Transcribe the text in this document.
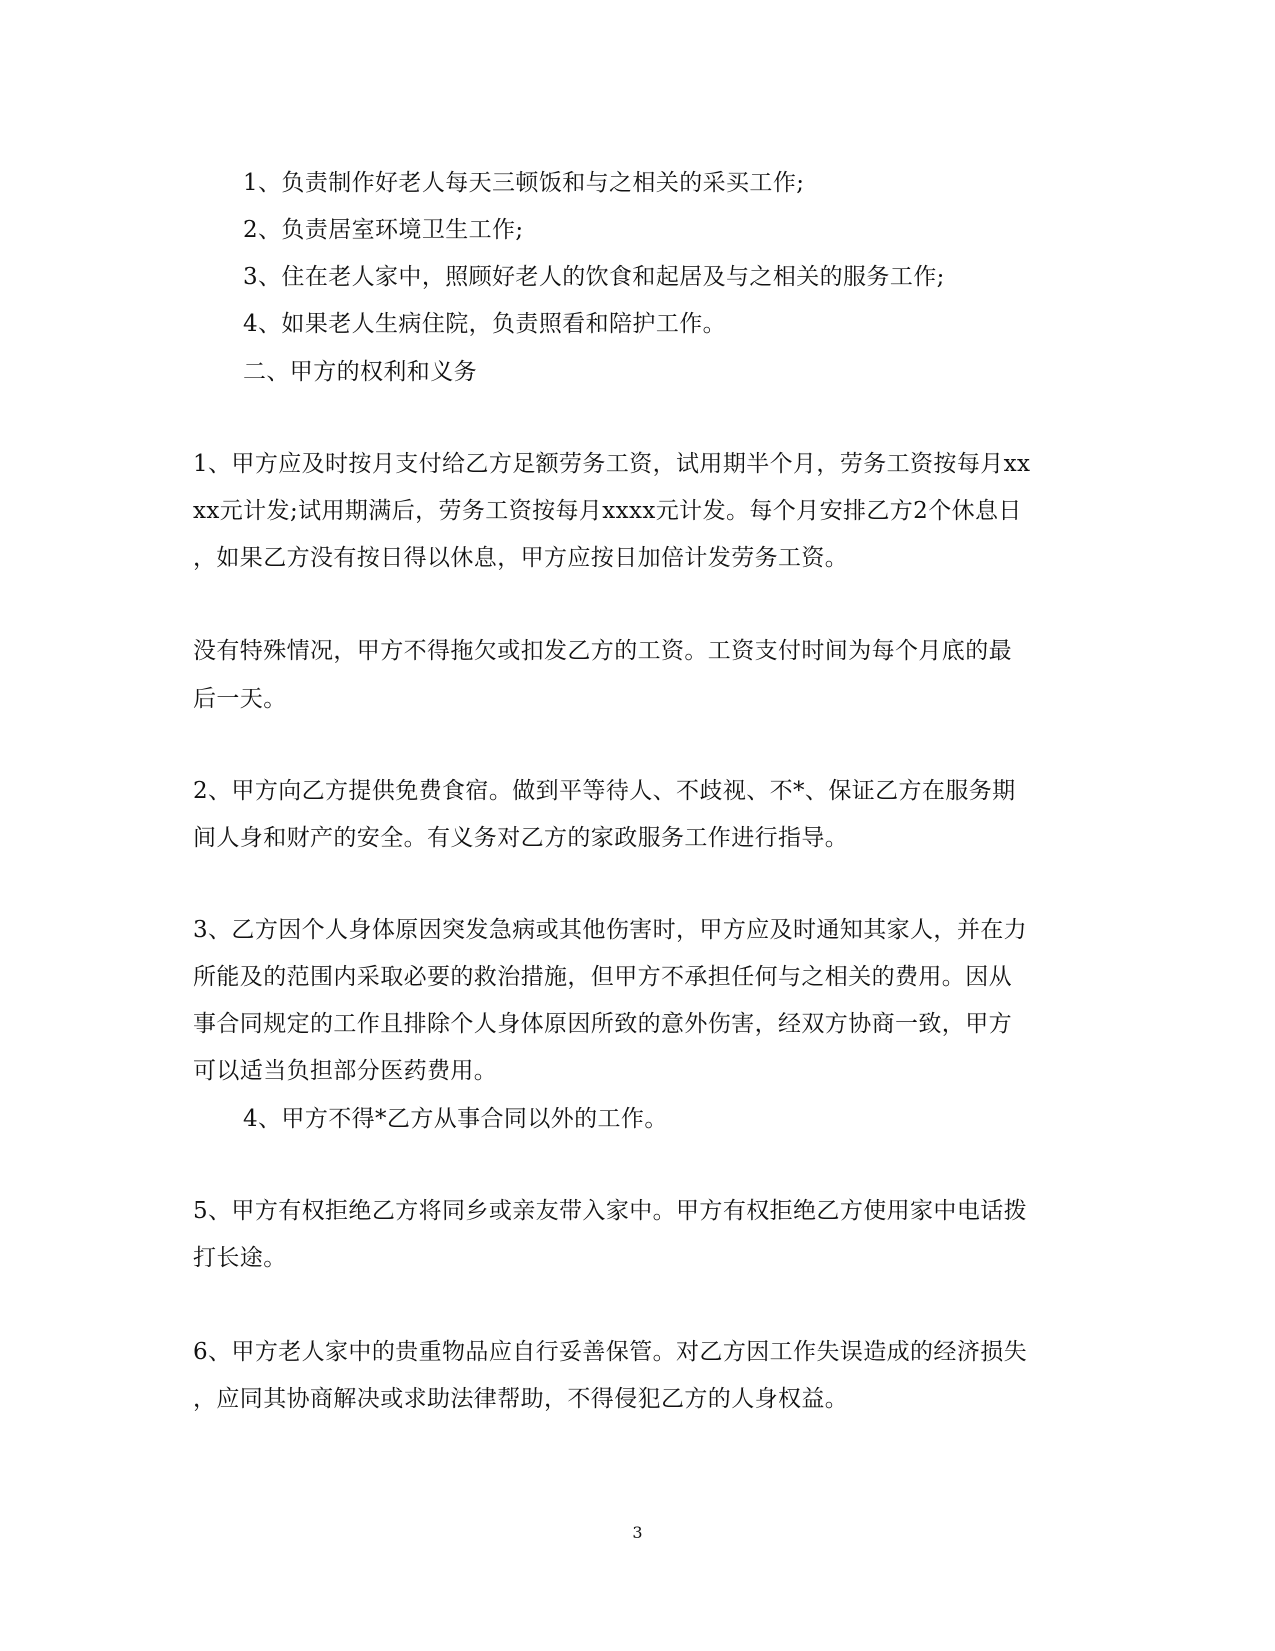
1、负责制作好老人每天三顿饭和与之相关的采买工作;
2、负责居室环境卫生工作;
3、住在老人家中，照顾好老人的饮食和起居及与之相关的服务工作;
4、如果老人生病住院，负责照看和陪护工作。
二、甲方的权利和义务
1、甲方应及时按月支付给乙方足额劳务工资，试用期半个月，劳务工资按每月xx
xx元计发;试用期满后，劳务工资按每月xxxx元计发。每个月安排乙方2个休息日
，如果乙方没有按日得以休息，甲方应按日加倍计发劳务工资。
没有特殊情况，甲方不得拖欠或扣发乙方的工资。工资支付时间为每个月底的最
后一天。
2、甲方向乙方提供免费食宿。做到平等待人、不歧视、不*、保证乙方在服务期
间人身和财产的安全。有义务对乙方的家政服务工作进行指导。
3、乙方因个人身体原因突发急病或其他伤害时，甲方应及时通知其家人，并在力
所能及的范围内采取必要的救治措施，但甲方不承担任何与之相关的费用。因从
事合同规定的工作且排除个人身体原因所致的意外伤害，经双方协商一致，甲方
可以适当负担部分医药费用。
4、甲方不得*乙方从事合同以外的工作。
5、甲方有权拒绝乙方将同乡或亲友带入家中。甲方有权拒绝乙方使用家中电话拨
打长途。
6、甲方老人家中的贵重物品应自行妥善保管。对乙方因工作失误造成的经济损失
，应同其协商解决或求助法律帮助，不得侵犯乙方的人身权益。
3
